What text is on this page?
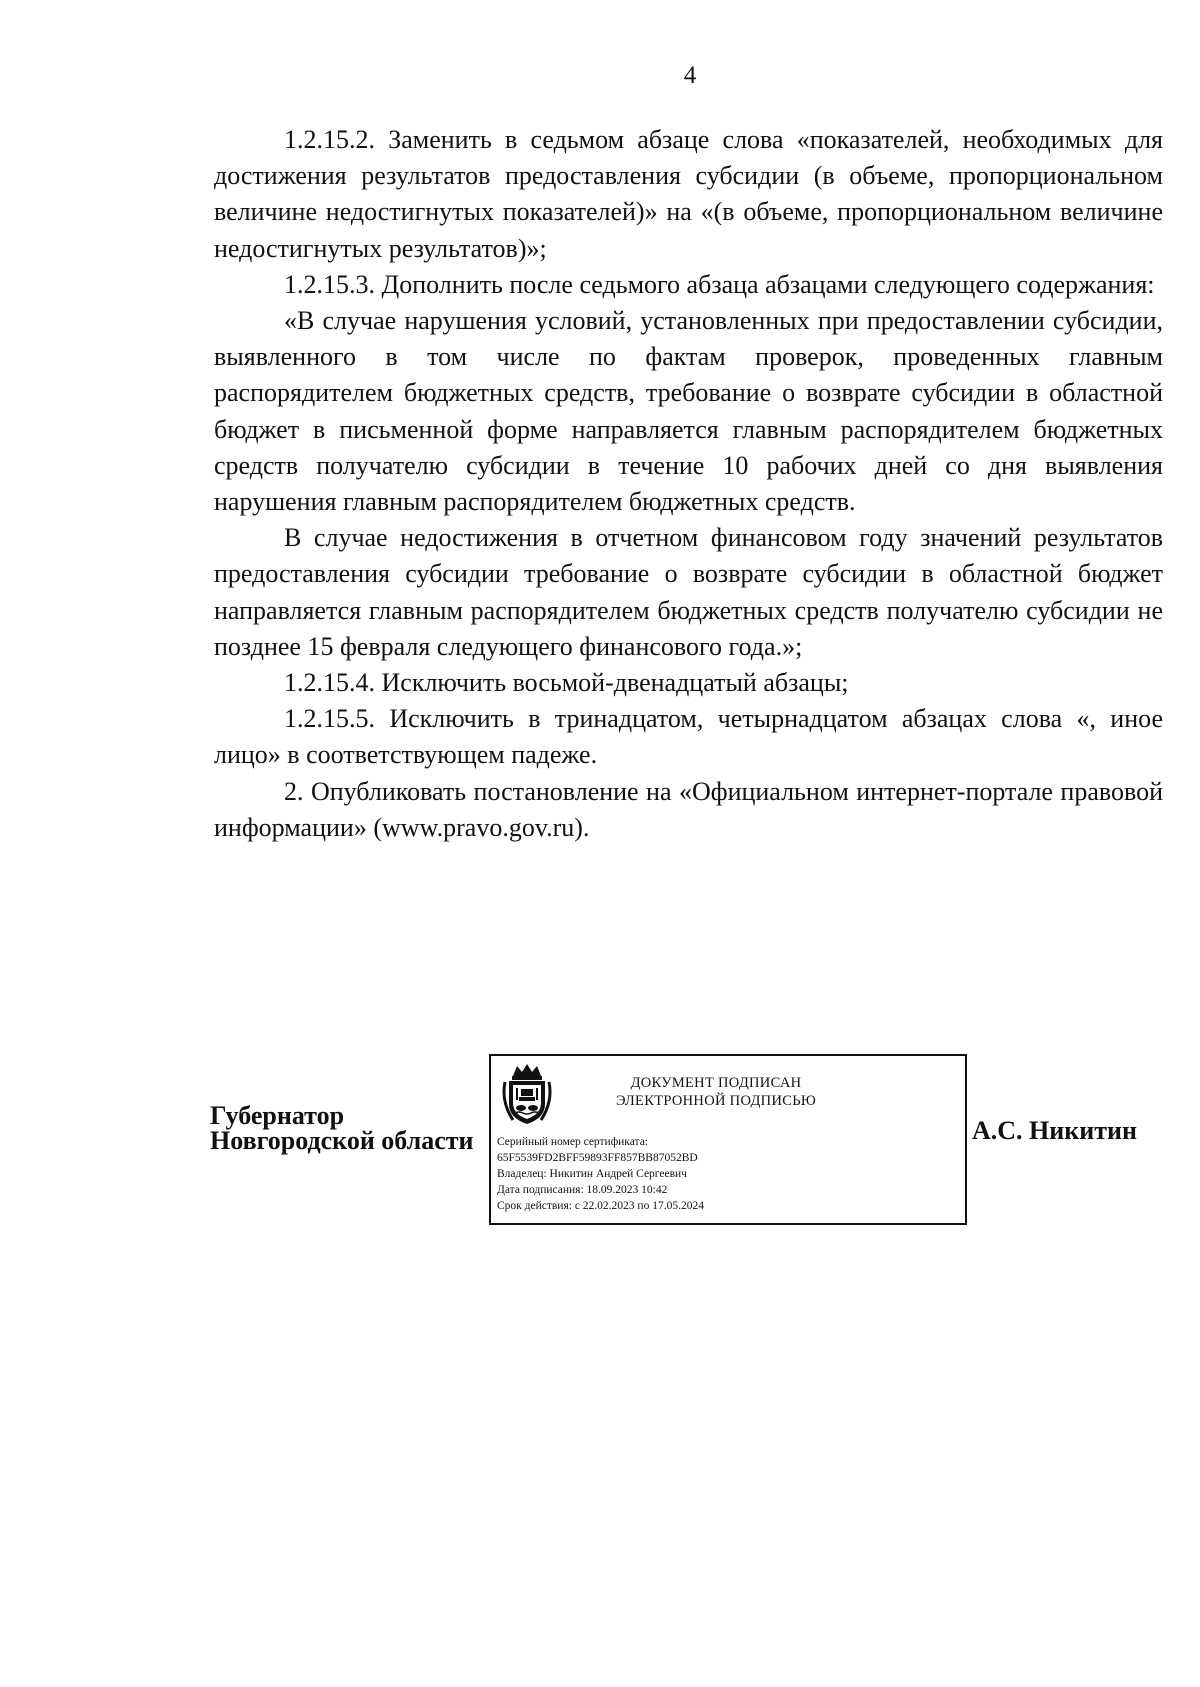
4

1.2.15.2. Заменить в седьмом абзаце слова «показателей, необходимых для достижения результатов предоставления субсидии (в объеме, пропорциональном величине недостигнутых показателей)» на «(в объеме, пропорциональном величине недостигнутых результатов)»;

1.2.15.3. Дополнить после седьмого абзаца абзацами следующего содержания:

«В случае нарушения условий, установленных при предоставлении субсидии, выявленного в том числе по фактам проверок, проведенных главным распорядителем бюджетных средств, требование о возврате субсидии в областной бюджет в письменной форме направляется главным распорядителем бюджетных средств получателю субсидии в течение 10 рабочих дней со дня выявления нарушения главным распорядителем бюджетных средств.

В случае недостижения в отчетном финансовом году значений результатов предоставления субсидии требование о возврате субсидии в областной бюджет направляется главным распорядителем бюджетных средств получателю субсидии не позднее 15 февраля следующего финансового года.»;

1.2.15.4. Исключить восьмой-двенадцатый абзацы;

1.2.15.5. Исключить в тринадцатом, четырнадцатом абзацах слова «, иное лицо» в соответствующем падеже.

2. Опубликовать постановление на «Официальном интернет-портале правовой информации» (www.pravo.gov.ru).

Губернатор
Новгородской области
ДОКУМЕНТ ПОДПИСАН
ЭЛЕКТРОННОЙ ПОДПИСЬЮ
Серийный номер сертификата:
65F5539FD2BFF59893FF857BB87052BD
Владелец: Никитин Андрей Сергеевич
Дата подписания: 18.09.2023 10:42
Срок действия: с 22.02.2023 по 17.05.2024
А.С. Никитин
